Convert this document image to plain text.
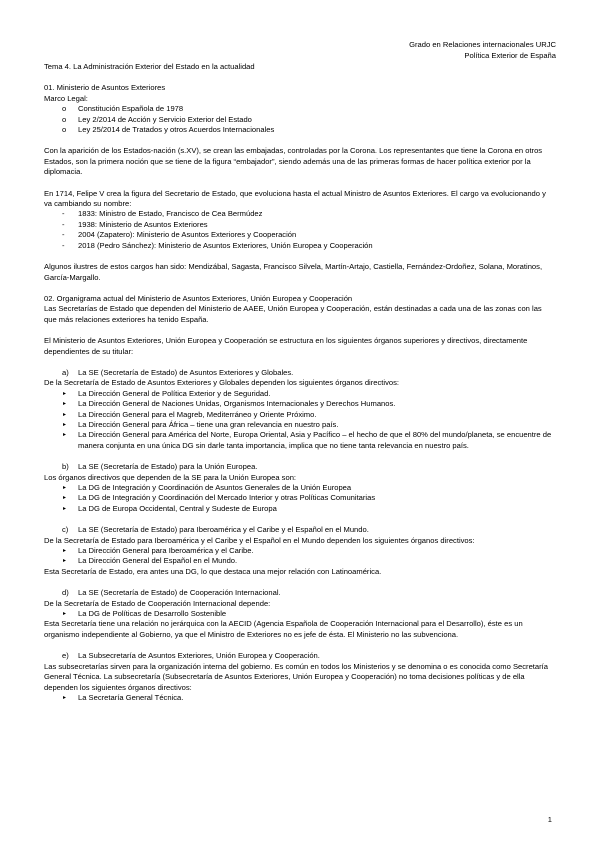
Grado en Relaciones internacionales URJC
Política Exterior de España

Tema 4. La Administración Exterior del Estado en la actualidad

01. Ministerio de Asuntos Exteriores

Marco Legal:

o Constitución Española de 1978
o Ley 2/2014 de Acción y Servicio Exterior del Estado
o Ley 25/2014 de Tratados y otros Acuerdos Internacionales

Con la aparición de los Estados-nación (s.XV), se crean las embajadas, controladas por la Corona. Los representantes que tiene la Corona en otros Estados, son la primera noción que se tiene de la figura “embajador”, siendo además una de las primeras formas de hacer política exterior por la diplomacia.

En 1714, Felipe V crea la figura del Secretario de Estado, que evoluciona hasta el actual Ministro de Asuntos Exteriores. El cargo va evolucionando y va cambiando su nombre:

- 1833: Ministro de Estado, Francisco de Cea Bermúdez
- 1938: Ministerio de Asuntos Exteriores
- 2004 (Zapatero): Ministerio de Asuntos Exteriores y Cooperación
- 2018 (Pedro Sánchez): Ministerio de Asuntos Exteriores, Unión Europea y Cooperación

Algunos ilustres de estos cargos han sido: Mendizábal, Sagasta, Francisco Silvela, Martín-Artajo, Castiella, Fernández-Ordoñez, Solana, Moratinos, García-Margallo.

02. Organigrama actual del Ministerio de Asuntos Exteriores, Unión Europea y Cooperación

Las Secretarías de Estado que dependen del Ministerio de AAEE, Unión Europea y Cooperación, están destinadas a cada una de las zonas con las que más relaciones exteriores ha tenido España.

El Ministerio de Asuntos Exteriores, Unión Europea y Cooperación se estructura en los siguientes órganos superiores y directivos, directamente dependientes de su titular:

a) La SE (Secretaría de Estado) de Asuntos Exteriores y Globales.

De la Secretaría de Estado de Asuntos Exteriores y Globales dependen los siguientes órganos directivos:

▸ La Dirección General de Política Exterior y de Seguridad.
▸ La Dirección General de Naciones Unidas, Organismos Internacionales y Derechos Humanos.
▸ La Dirección General para el Magreb, Mediterráneo y Oriente Próximo.
▸ La Dirección General para África – tiene una gran relevancia en nuestro país.
▸ La Dirección General para América del Norte, Europa Oriental, Asia y Pacífico – el hecho de que el 80% del mundo/planeta, se encuentre de manera conjunta en una única DG sin darle tanta importancia, implica que no tiene tanta relevancia en nuestro país.

b) La SE (Secretaría de Estado) para la Unión Europea.

Los órganos directivos que dependen de la SE para la Unión Europea son:

▸ La DG de Integración y Coordinación de Asuntos Generales de la Unión Europea
▸ La DG de Integración y Coordinación del Mercado Interior y otras Políticas Comunitarias
▸ La DG de Europa Occidental, Central y Sudeste de Europa

c) La SE (Secretaría de Estado) para Iberoamérica y el Caribe y el Español en el Mundo.

De la Secretaría de Estado para Iberoamérica y el Caribe y el Español en el Mundo dependen los siguientes órganos directivos:

▸ La Dirección General para Iberoamérica y el Caribe.
▸ La Dirección General del Español en el Mundo.

Esta Secretaría de Estado, era antes una DG, lo que destaca una mejor relación con Latinoamérica.

d) La SE (Secretaría de Estado) de Cooperación Internacional.

De la Secretaría de Estado de Cooperación Internacional depende:

▸ La DG de Políticas de Desarrollo Sostenible

Esta Secretaría tiene una relación no jerárquica con la AECID (Agencia Española de Cooperación Internacional para el Desarrollo), éste es un organismo independiente al Gobierno, ya que el Ministro de Exteriores no es jefe de ésta. El Ministerio no las subvenciona.

e) La Subsecretaría de Asuntos Exteriores, Unión Europea y Cooperación.

Las subsecretarías sirven para la organización interna del gobierno. Es común en todos los Ministerios y se denomina o es conocida como Secretaría General Técnica. La subsecretaría (Subsecretaría de Asuntos Exteriores, Unión Europea y Cooperación) no toma decisiones políticas y de ella dependen los siguientes órganos directivos:

▸ La Secretaría General Técnica.
1
